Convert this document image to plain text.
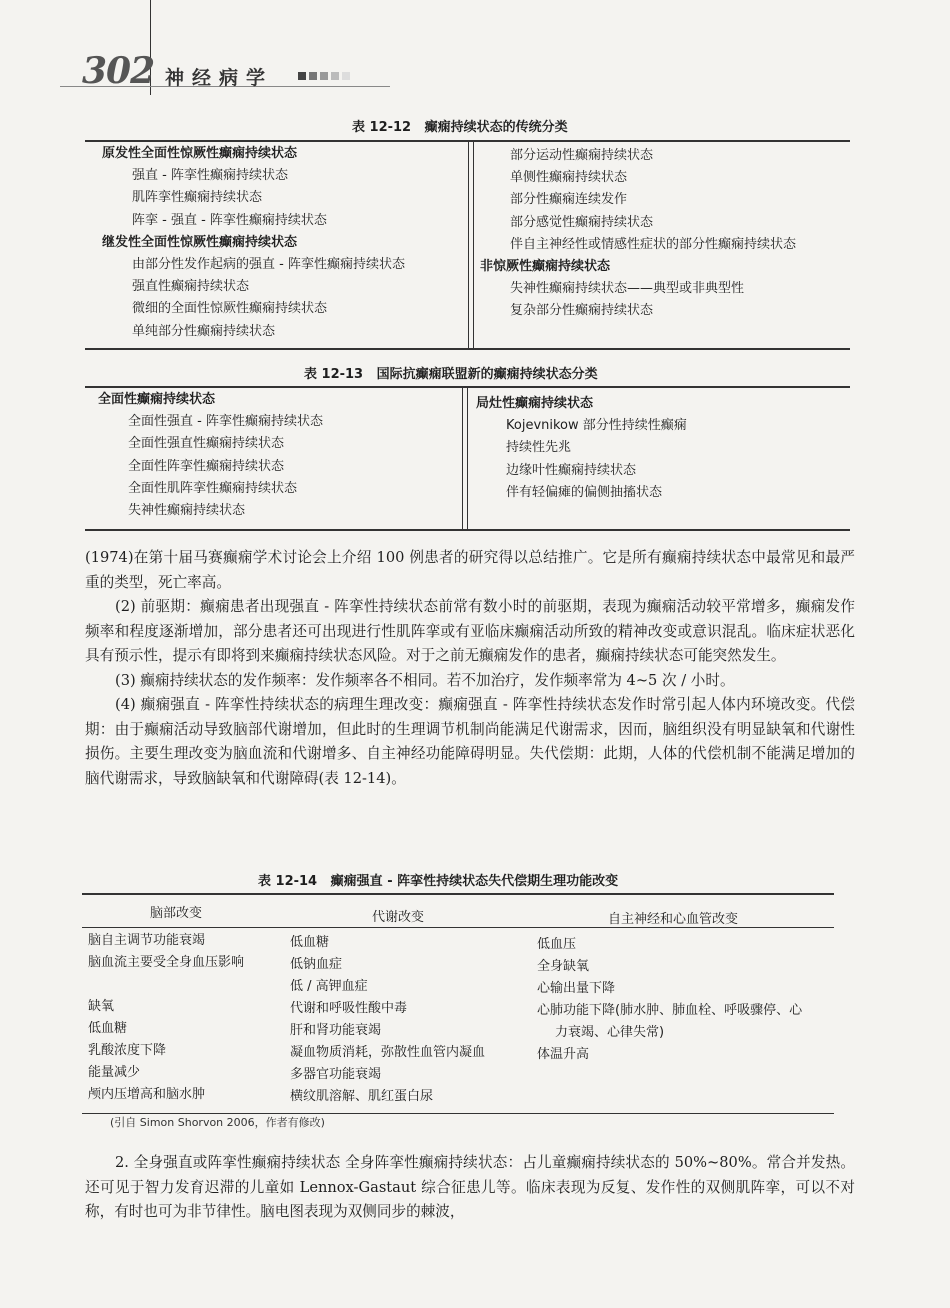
302 神经病学
表 12-12   癫痫持续状态的传统分类
原发性全面性惊厥性癫痫持续状态
强直 - 阵挛性癫痫持续状态
肌阵挛性癫痫持续状态
阵挛 - 强直 - 阵挛性癫痫持续状态
继发性全面性惊厥性癫痫持续状态
由部分性发作起病的强直 - 阵挛性癫痫持续状态
强直性癫痫持续状态
微细的全面性惊厥性癫痫持续状态
单纯部分性癫痫持续状态
部分运动性癫痫持续状态
单侧性癫痫持续状态
部分性癫痫连续发作
部分感觉性癫痫持续状态
伴自主神经性或情感性症状的部分性癫痫持续状态
非惊厥性癫痫持续状态
失神性癫痫持续状态——典型或非典型性
复杂部分性癫痫持续状态
表 12-13   国际抗癫痫联盟新的癫痫持续状态分类
全面性癫痫持续状态
全面性强直 - 阵挛性癫痫持续状态
全面性强直性癫痫持续状态
全面性阵挛性癫痫持续状态
全面性肌阵挛性癫痫持续状态
失神性癫痫持续状态
局灶性癫痫持续状态
Kojevnikow 部分性持续性癫痫
持续性先兆
边缘叶性癫痫持续状态
伴有轻偏瘫的偏侧抽搐状态

(1974)在第十届马赛癫痫学术讨论会上介绍 100 例患者的研究得以总结推广。它是所有癫痫持续状态中最常见和最严重的类型，死亡率高。

(2) 前驱期：癫痫患者出现强直 - 阵挛性持续状态前常有数小时的前驱期，表现为癫痫活动较平常增多，癫痫发作频率和程度逐渐增加，部分患者还可出现进行性肌阵挛或有亚临床癫痫活动所致的精神改变或意识混乱。临床症状恶化具有预示性，提示有即将到来癫痫持续状态风险。对于之前无癫痫发作的患者，癫痫持续状态可能突然发生。

(3) 癫痫持续状态的发作频率：发作频率各不相同。若不加治疗，发作频率常为 4~5 次 / 小时。

(4) 癫痫强直 - 阵挛性持续状态的病理生理改变：癫痫强直 - 阵挛性持续状态发作时常引起人体内环境改变。代偿期：由于癫痫活动导致脑部代谢增加，但此时的生理调节机制尚能满足代谢需求，因而，脑组织没有明显缺氧和代谢性损伤。主要生理改变为脑血流和代谢增多、自主神经功能障碍明显。失代偿期：此期，人体的代偿机制不能满足增加的脑代谢需求，导致脑缺氧和代谢障碍(表 12-14)。

表 12-14   癫痫强直 - 阵挛性持续状态失代偿期生理功能改变
脑部改变	代谢改变	自主神经和心血管改变
脑自主调节功能衰竭
脑血流主要受全身血压影响
缺氧
低血糖
乳酸浓度下降
能量减少
颅内压增高和脑水肿
低血糖
低钠血症
低 / 高钾血症
代谢和呼吸性酸中毒
肝和肾功能衰竭
凝血物质消耗，弥散性血管内凝血
多器官功能衰竭
横纹肌溶解、肌红蛋白尿
低血压
全身缺氧
心输出量下降
心肺功能下降(肺水肿、肺血栓、呼吸骤停、心
力衰竭、心律失常)
体温升高
(引自 Simon Shorvon 2006，作者有修改)

2. 全身强直或阵挛性癫痫持续状态 全身阵挛性癫痫持续状态：占儿童癫痫持续状态的 50%~80%。常合并发热。还可见于智力发育迟滞的儿童如 Lennox-Gastaut 综合征患儿等。临床表现为反复、发作性的双侧肌阵挛，可以不对称，有时也可为非节律性。脑电图表现为双侧同步的棘波，
